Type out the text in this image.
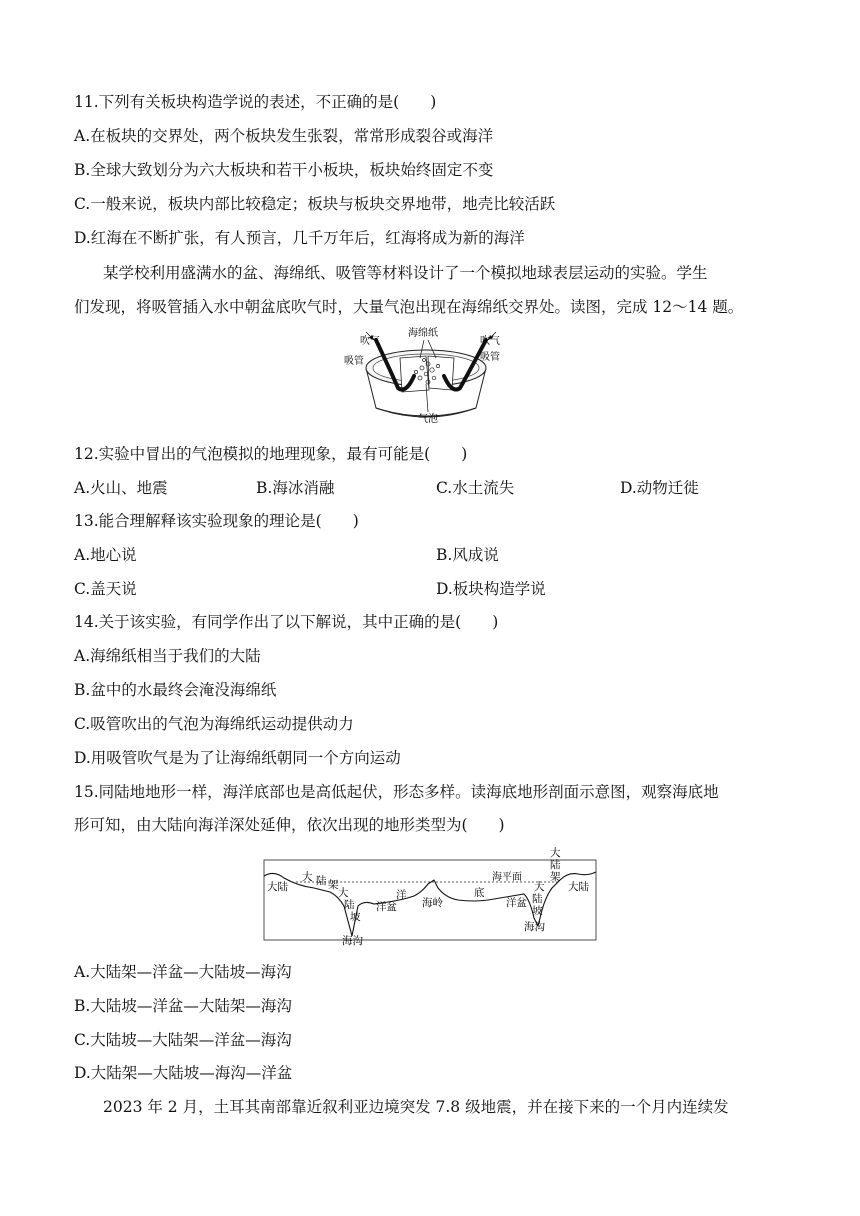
11.下列有关板块构造学说的表述，不正确的是(　　)
A.在板块的交界处，两个板块发生张裂，常常形成裂谷或海洋
B.全球大致划分为六大板块和若干小板块，板块始终固定不变
C.一般来说，板块内部比较稳定；板块与板块交界地带，地壳比较活跃
D.红海在不断扩张，有人预言，几千万年后，红海将成为新的海洋
某学校利用盛满水的盆、海绵纸、吸管等材料设计了一个模拟地球表层运动的实验。学生
们发现，将吸管插入水中朝盆底吹气时，大量气泡出现在海绵纸交界处。读图，完成 12～14 题。
吹气
吸管
海绵纸
吹气
吸管
气泡
12.实验中冒出的气泡模拟的地理现象，最有可能是(　　)
A.火山、地震	B.海冰消融	C.水土流失	D.动物迁徙
13.能合理解释该实验现象的理论是(　　)
A.地心说	B.风成说
C.盖天说	D.板块构造学说
14.关于该实验，有同学作出了以下解说，其中正确的是(　　)
A.海绵纸相当于我们的大陆
B.盆中的水最终会淹没海绵纸
C.吸管吹出的气泡为海绵纸运动提供动力
D.用吸管吹气是为了让海绵纸朝同一个方向运动
15.同陆地地形一样，海洋底部也是高低起伏，形态多样。读海底地形剖面示意图，观察海底地
形可知，由大陆向海洋深处延伸，依次出现的地形类型为(　　)
大陆
大 陆 架
大
陆
坡
海沟
洋
洋盆 海岭
底
海平面
洋盆
大
陆
架
大
陆
坡
海沟
大陆
A.大陆架—洋盆—大陆坡—海沟
B.大陆坡—洋盆—大陆架—海沟
C.大陆坡—大陆架—洋盆—海沟
D.大陆架—大陆坡—海沟—洋盆
2023 年 2 月，土耳其南部靠近叙利亚边境突发 7.8 级地震，并在接下来的一个月内连续发
